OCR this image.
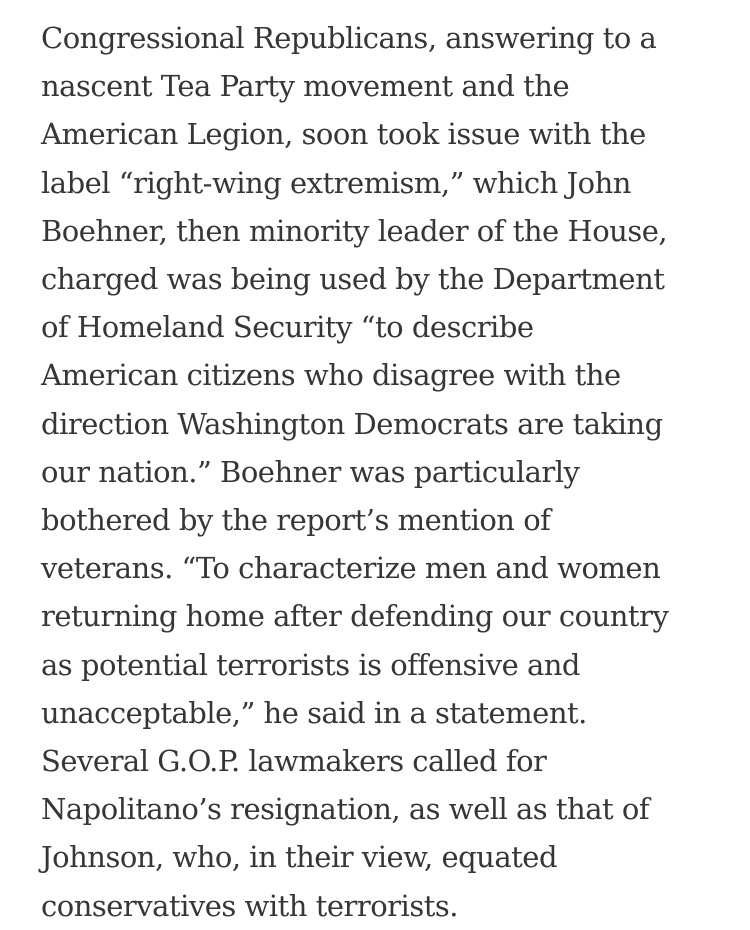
Congressional Republicans, answering to a
nascent Tea Party movement and the
American Legion, soon took issue with the
label “right-wing extremism,” which John
Boehner, then minority leader of the House,
charged was being used by the Department
of Homeland Security “to describe
American citizens who disagree with the
direction Washington Democrats are taking
our nation.” Boehner was particularly
bothered by the report’s mention of
veterans. “To characterize men and women
returning home after defending our country
as potential terrorists is offensive and
unacceptable,” he said in a statement.
Several G.O.P. lawmakers called for
Napolitano’s resignation, as well as that of
Johnson, who, in their view, equated
conservatives with terrorists.
